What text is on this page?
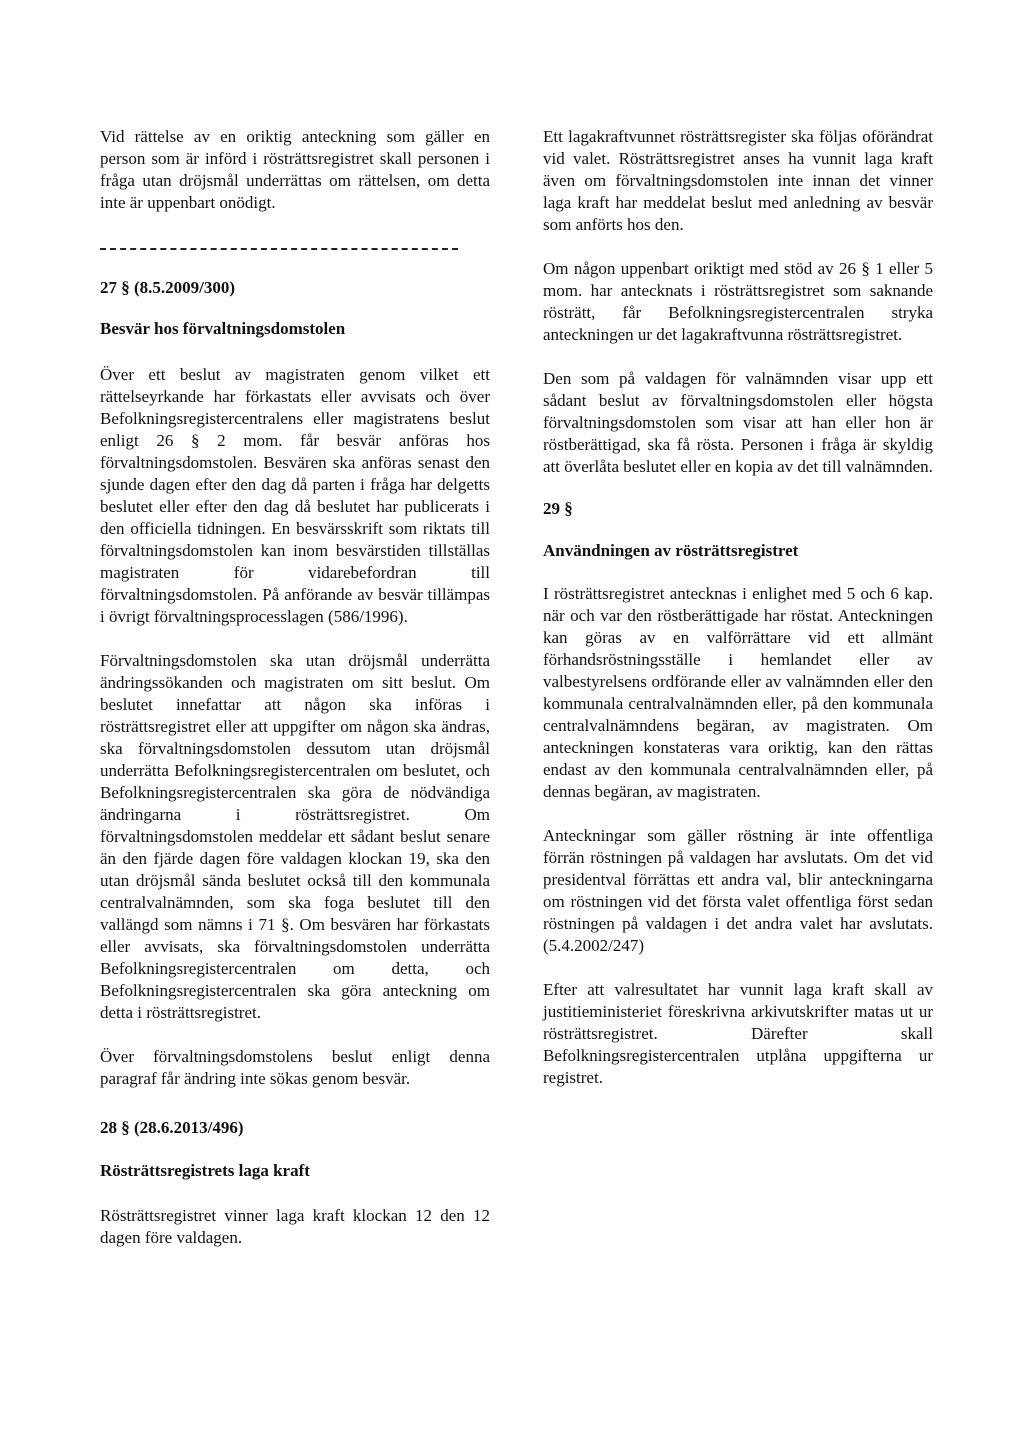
Vid rättelse av en oriktig anteckning som gäller en person som är införd i rösträttsregistret skall personen i fråga utan dröjsmål underrättas om rättelsen, om detta inte är uppenbart onödigt.

27 § (8.5.2009/300)

Besvär hos förvaltningsdomstolen

Över ett beslut av magistraten genom vilket ett rättelseyrkande har förkastats eller avvisats och över Befolkningsregistercentralens eller magistratens beslut enligt 26 § 2 mom. får besvär anföras hos förvaltningsdomstolen. Besvären ska anföras senast den sjunde dagen efter den dag då parten i fråga har delgetts beslutet eller efter den dag då beslutet har publicerats i den officiella tidningen. En besvärsskrift som riktats till förvaltningsdomstolen kan inom besvärstiden tillställas magistraten för vidarebefordran till förvaltningsdomstolen. På anförande av besvär tillämpas i övrigt förvaltningsprocesslagen (586/1996).

Förvaltningsdomstolen ska utan dröjsmål underrätta ändringssökanden och magistraten om sitt beslut. Om beslutet innefattar att någon ska införas i rösträttsregistret eller att uppgifter om någon ska ändras, ska förvaltningsdomstolen dessutom utan dröjsmål underrätta Befolkningsregistercentralen om beslutet, och Befolkningsregistercentralen ska göra de nödvändiga ändringarna i rösträttsregistret. Om förvaltningsdomstolen meddelar ett sådant beslut senare än den fjärde dagen före valdagen klockan 19, ska den utan dröjsmål sända beslutet också till den kommunala centralvalnämnden, som ska foga beslutet till den vallängd som nämns i 71 §. Om besvären har förkastats eller avvisats, ska förvaltningsdomstolen underrätta Befolkningsregistercentralen om detta, och Befolkningsregistercentralen ska göra anteckning om detta i rösträttsregistret.

Över förvaltningsdomstolens beslut enligt denna paragraf får ändring inte sökas genom besvär.

28 § (28.6.2013/496)

Rösträttsregistrets laga kraft

Rösträttsregistret vinner laga kraft klockan 12 den 12 dagen före valdagen.

Ett lagakraftvunnet rösträttsregister ska följas oförändrat vid valet. Rösträttsregistret anses ha vunnit laga kraft även om förvaltningsdomstolen inte innan det vinner laga kraft har meddelat beslut med anledning av besvär som anförts hos den.

Om någon uppenbart oriktigt med stöd av 26 § 1 eller 5 mom. har antecknats i rösträttsregistret som saknande rösträtt, får Befolkningsregistercentralen stryka anteckningen ur det lagakraftvunna rösträttsregistret.

Den som på valdagen för valnämnden visar upp ett sådant beslut av förvaltningsdomstolen eller högsta förvaltningsdomstolen som visar att han eller hon är röstberättigad, ska få rösta. Personen i fråga är skyldig att överlåta beslutet eller en kopia av det till valnämnden.

29 §

Användningen av rösträttsregistret

I rösträttsregistret antecknas i enlighet med 5 och 6 kap. när och var den röstberättigade har röstat. Anteckningen kan göras av en valförrättare vid ett allmänt förhandsröstningsställe i hemlandet eller av valbestyrelsens ordförande eller av valnämnden eller den kommunala centralvalnämnden eller, på den kommunala centralvalnämndens begäran, av magistraten. Om anteckningen konstateras vara oriktig, kan den rättas endast av den kommunala centralvalnämnden eller, på dennas begäran, av magistraten.

Anteckningar som gäller röstning är inte offentliga förrän röstningen på valdagen har avslutats. Om det vid presidentval förrättas ett andra val, blir anteckningarna om röstningen vid det första valet offentliga först sedan röstningen på valdagen i det andra valet har avslutats. (5.4.2002/247)

Efter att valresultatet har vunnit laga kraft skall av justitieministeriet föreskrivna arkivutskrifter matas ut ur rösträttsregistret. Därefter skall Befolkningsregistercentralen utplåna uppgifterna ur registret.
